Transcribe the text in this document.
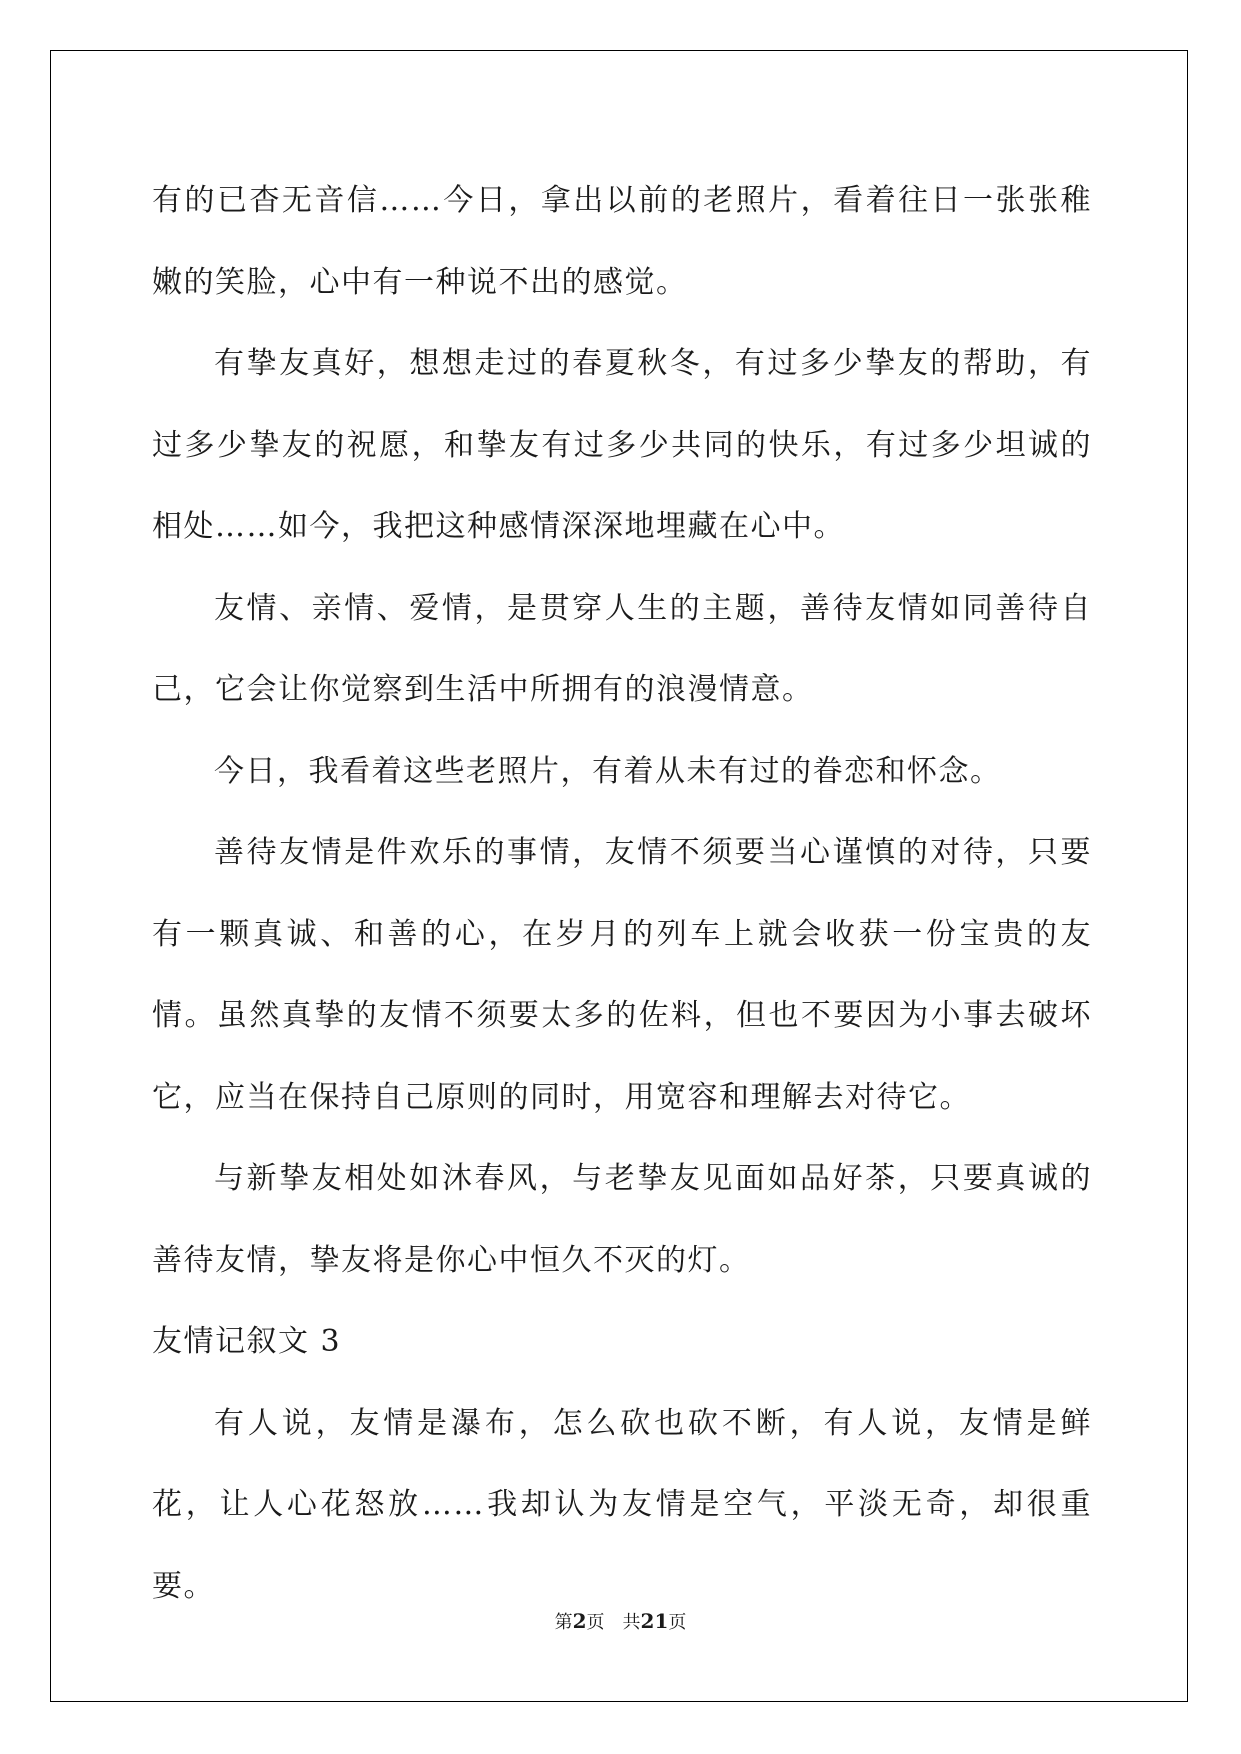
有的已杳无音信……今日，拿出以前的老照片，看着往日一张张稚嫩的笑脸，心中有一种说不出的感觉。

有挚友真好，想想走过的春夏秋冬，有过多少挚友的帮助，有过多少挚友的祝愿，和挚友有过多少共同的快乐，有过多少坦诚的相处……如今，我把这种感情深深地埋藏在心中。

友情、亲情、爱情，是贯穿人生的主题，善待友情如同善待自己，它会让你觉察到生活中所拥有的浪漫情意。

今日，我看着这些老照片，有着从未有过的眷恋和怀念。

善待友情是件欢乐的事情，友情不须要当心谨慎的对待，只要有一颗真诚、和善的心，在岁月的列车上就会收获一份宝贵的友情。虽然真挚的友情不须要太多的佐料，但也不要因为小事去破坏它，应当在保持自己原则的同时，用宽容和理解去对待它。

与新挚友相处如沐春风，与老挚友见面如品好茶，只要真诚的善待友情，挚友将是你心中恒久不灭的灯。

友情记叙文 3

有人说，友情是瀑布，怎么砍也砍不断，有人说，友情是鲜花，让人心花怒放……我却认为友情是空气，平淡无奇，却很重要。

第2页 共21页
